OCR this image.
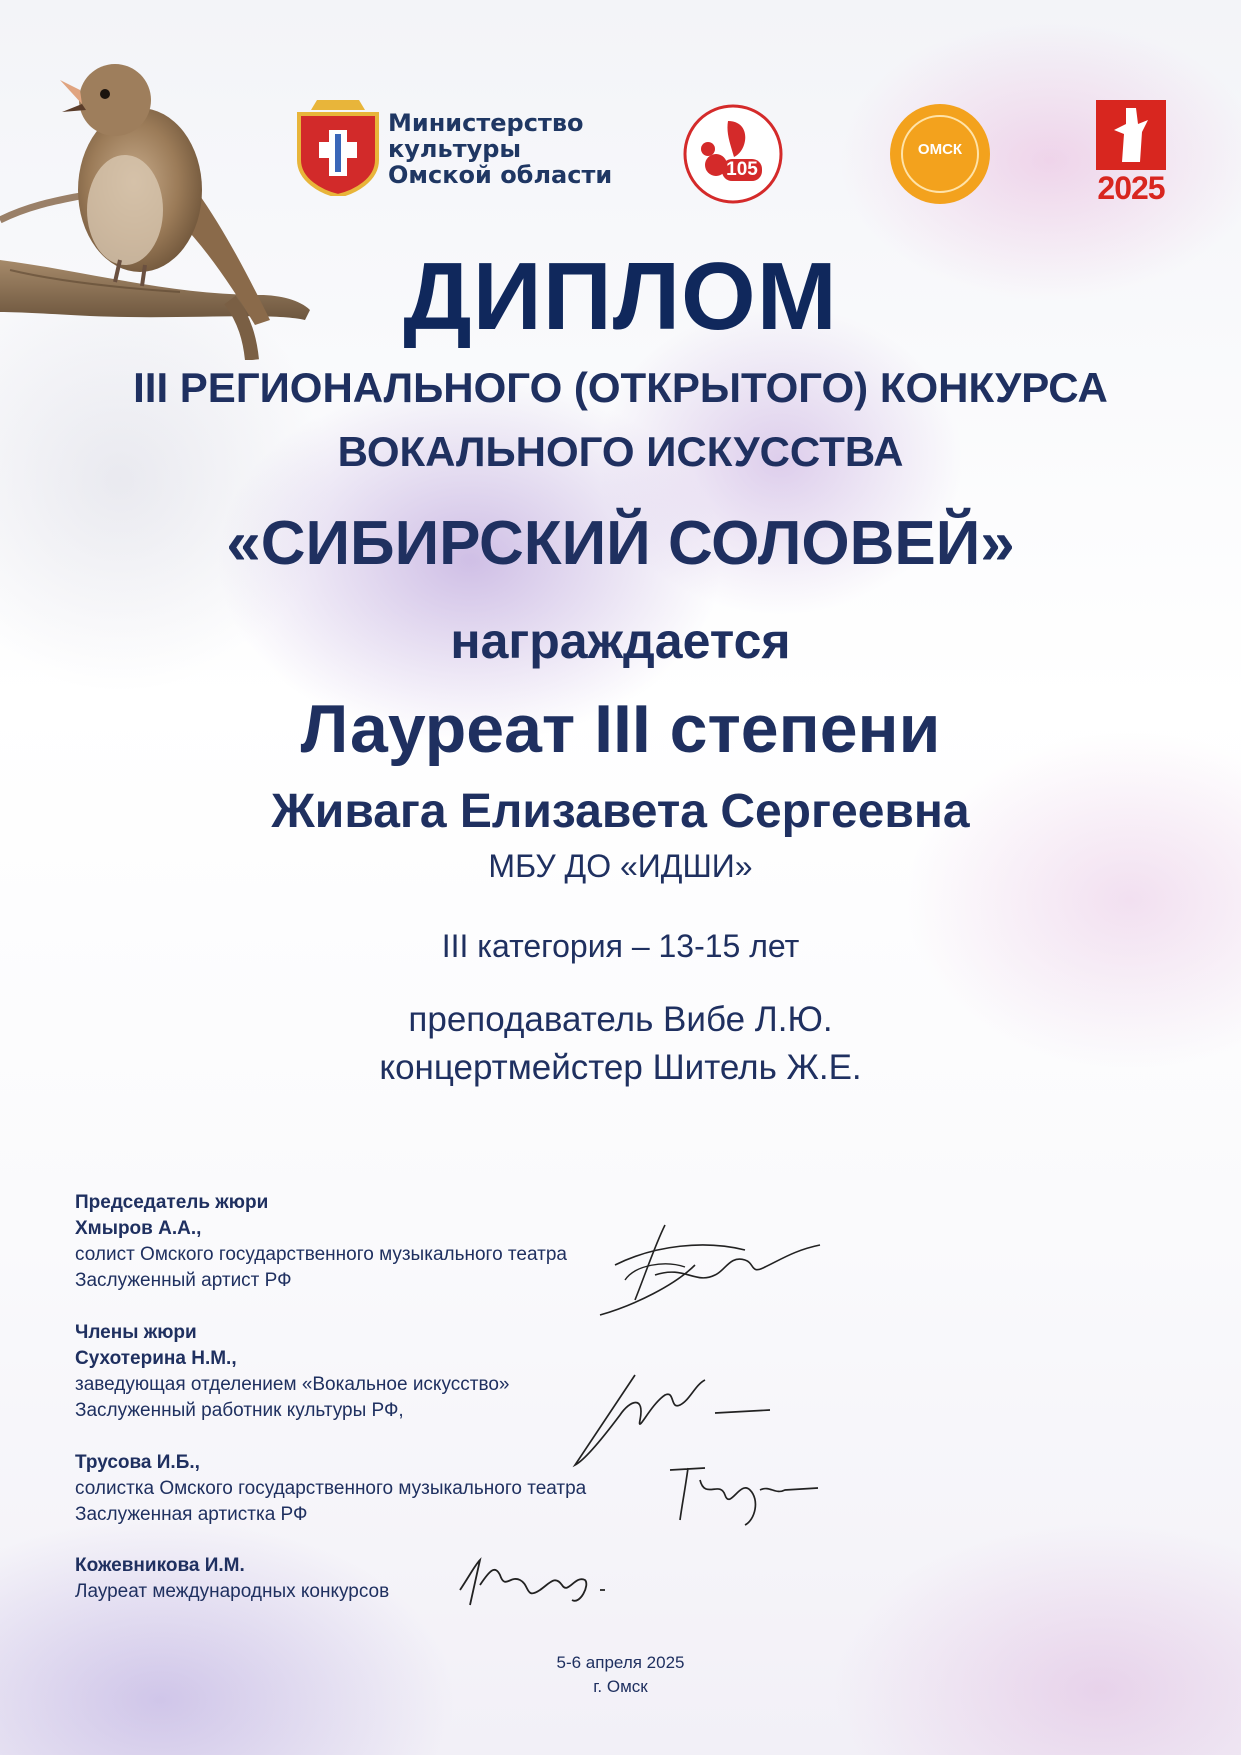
Министерство
культуры
Омской области	105
ОМСК
2025
ДИПЛОМ
III РЕГИОНАЛЬНОГО (ОТКРЫТОГО) КОНКУРСА
ВОКАЛЬНОГО ИСКУССТВА
«СИБИРСКИЙ СОЛОВЕЙ»
награждается
Лауреат III степени
Живага Елизавета Сергеевна
МБУ ДО «ИДШИ»
III категория – 13-15 лет
преподаватель Вибе Л.Ю.
концертмейстер Шитель Ж.Е.
Председатель жюри
Хмыров А.А.,
солист Омского государственного музыкального театра
Заслуженный артист РФ
Члены жюри
Сухотерина Н.М.,
заведующая отделением «Вокальное искусство»
Заслуженный работник культуры РФ,
Трусова И.Б.,
солистка Омского государственного музыкального театра
Заслуженная артистка РФ
Кожевникова И.М.
Лауреат международных конкурсов
5-6 апреля 2025
г. Омск
